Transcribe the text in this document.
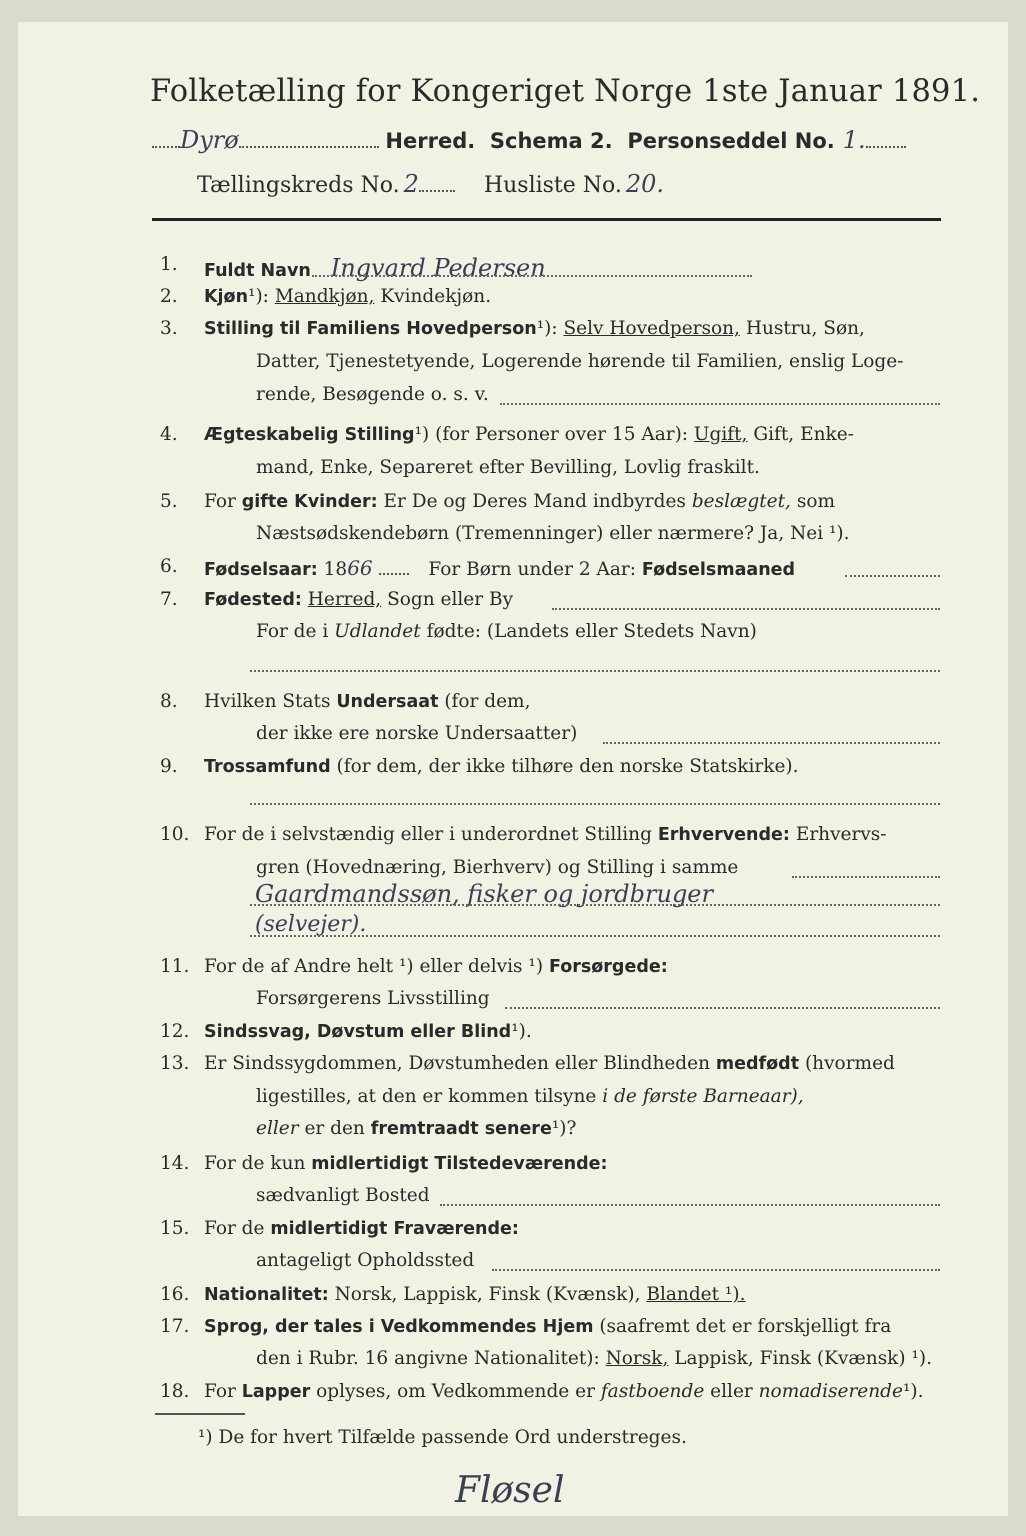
Folketælling for Kongeriget Norge 1ste Januar 1891.
Dyrø	Herred. Schema 2. Personseddel No. 1.
Tællingskreds No. 2	Husliste No. 20.
1. Fuldt Navn Ingvard Pedersen
2. Kjøn¹): Mandkjøn, Kvindekjøn.
3. Stilling til Familiens Hovedperson¹): Selv Hovedperson, Hustru, Søn,
Datter, Tjenestetyende, Logerende hørende til Familien, enslig Loge-
rende, Besøgende o. s. v.
4. Ægteskabelig Stilling¹) (for Personer over 15 Aar): Ugift, Gift, Enke-
mand, Enke, Separeret efter Bevilling, Lovlig fraskilt.
5. For gifte Kvinder: Er De og Deres Mand indbyrdes beslægtet, som
Næstsødskendebørn (Tremenninger) eller nærmere? Ja, Nei ¹).
6. Fødselsaar: 1866	For Børn under 2 Aar: Fødselsmaaned
7. Fødested: Herred, Sogn eller By
For de i Udlandet fødte: (Landets eller Stedets Navn)
8. Hvilken Stats Undersaat (for dem,
der ikke ere norske Undersaatter)
9. Trossamfund (for dem, der ikke tilhøre den norske Statskirke).
10. For de i selvstændig eller i underordnet Stilling Erhvervende: Erhvervs-
gren (Hovednæring, Bierhverv) og Stilling i samme
Gaardmandssøn, fisker og jordbruger
(selvejer).
11. For de af Andre helt ¹) eller delvis ¹) Forsørgede:
Forsørgerens Livsstilling
12. Sindssvag, Døvstum eller Blind¹).
13. Er Sindssygdommen, Døvstumheden eller Blindheden medfødt (hvormed
ligestilles, at den er kommen tilsyne i de første Barneaar),
eller er den fremtraadt senere¹)?
14. For de kun midlertidigt Tilstedeværende:
sædvanligt Bosted
15. For de midlertidigt Fraværende:
antageligt Opholdssted
16. Nationalitet: Norsk, Lappisk, Finsk (Kvænsk), Blandet ¹).
17. Sprog, der tales i Vedkommendes Hjem (saafremt det er forskjelligt fra
den i Rubr. 16 angivne Nationalitet): Norsk, Lappisk, Finsk (Kvænsk) ¹).
18. For Lapper oplyses, om Vedkommende er fastboende eller nomadiserende¹).
¹) De for hvert Tilfælde passende Ord understreges.
Fløsel
